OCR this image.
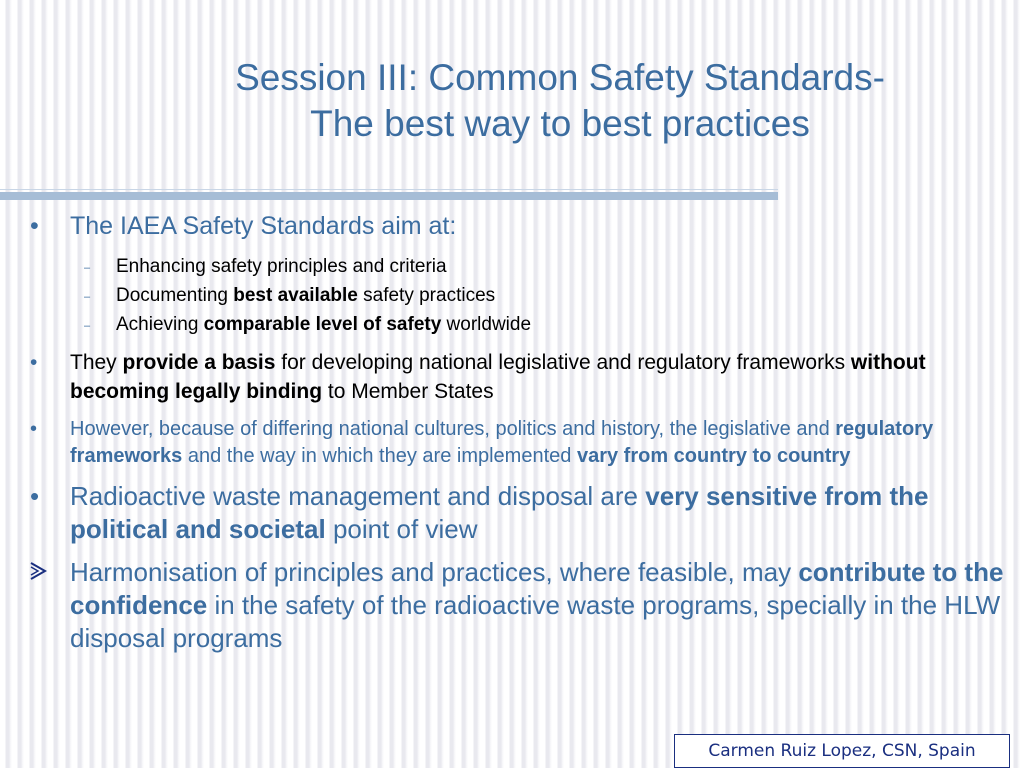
Session III: Common Safety Standards-
The best way to best practices
• The IAEA Safety Standards aim at:
– Enhancing safety principles and criteria
– Documenting best available safety practices
– Achieving comparable level of safety worldwide
• They provide a basis for developing national legislative and regulatory frameworks without becoming legally binding to Member States
• However, because of differing national cultures, politics and history, the legislative and regulatory frameworks and the way in which they are implemented vary from country to country
• Radioactive waste management and disposal are very sensitive from the political and societal point of view
Harmonisation of principles and practices, where feasible, may contribute to the confidence in the safety of the radioactive waste programs, specially in the HLW disposal programs
Carmen Ruiz Lopez, CSN, Spain
